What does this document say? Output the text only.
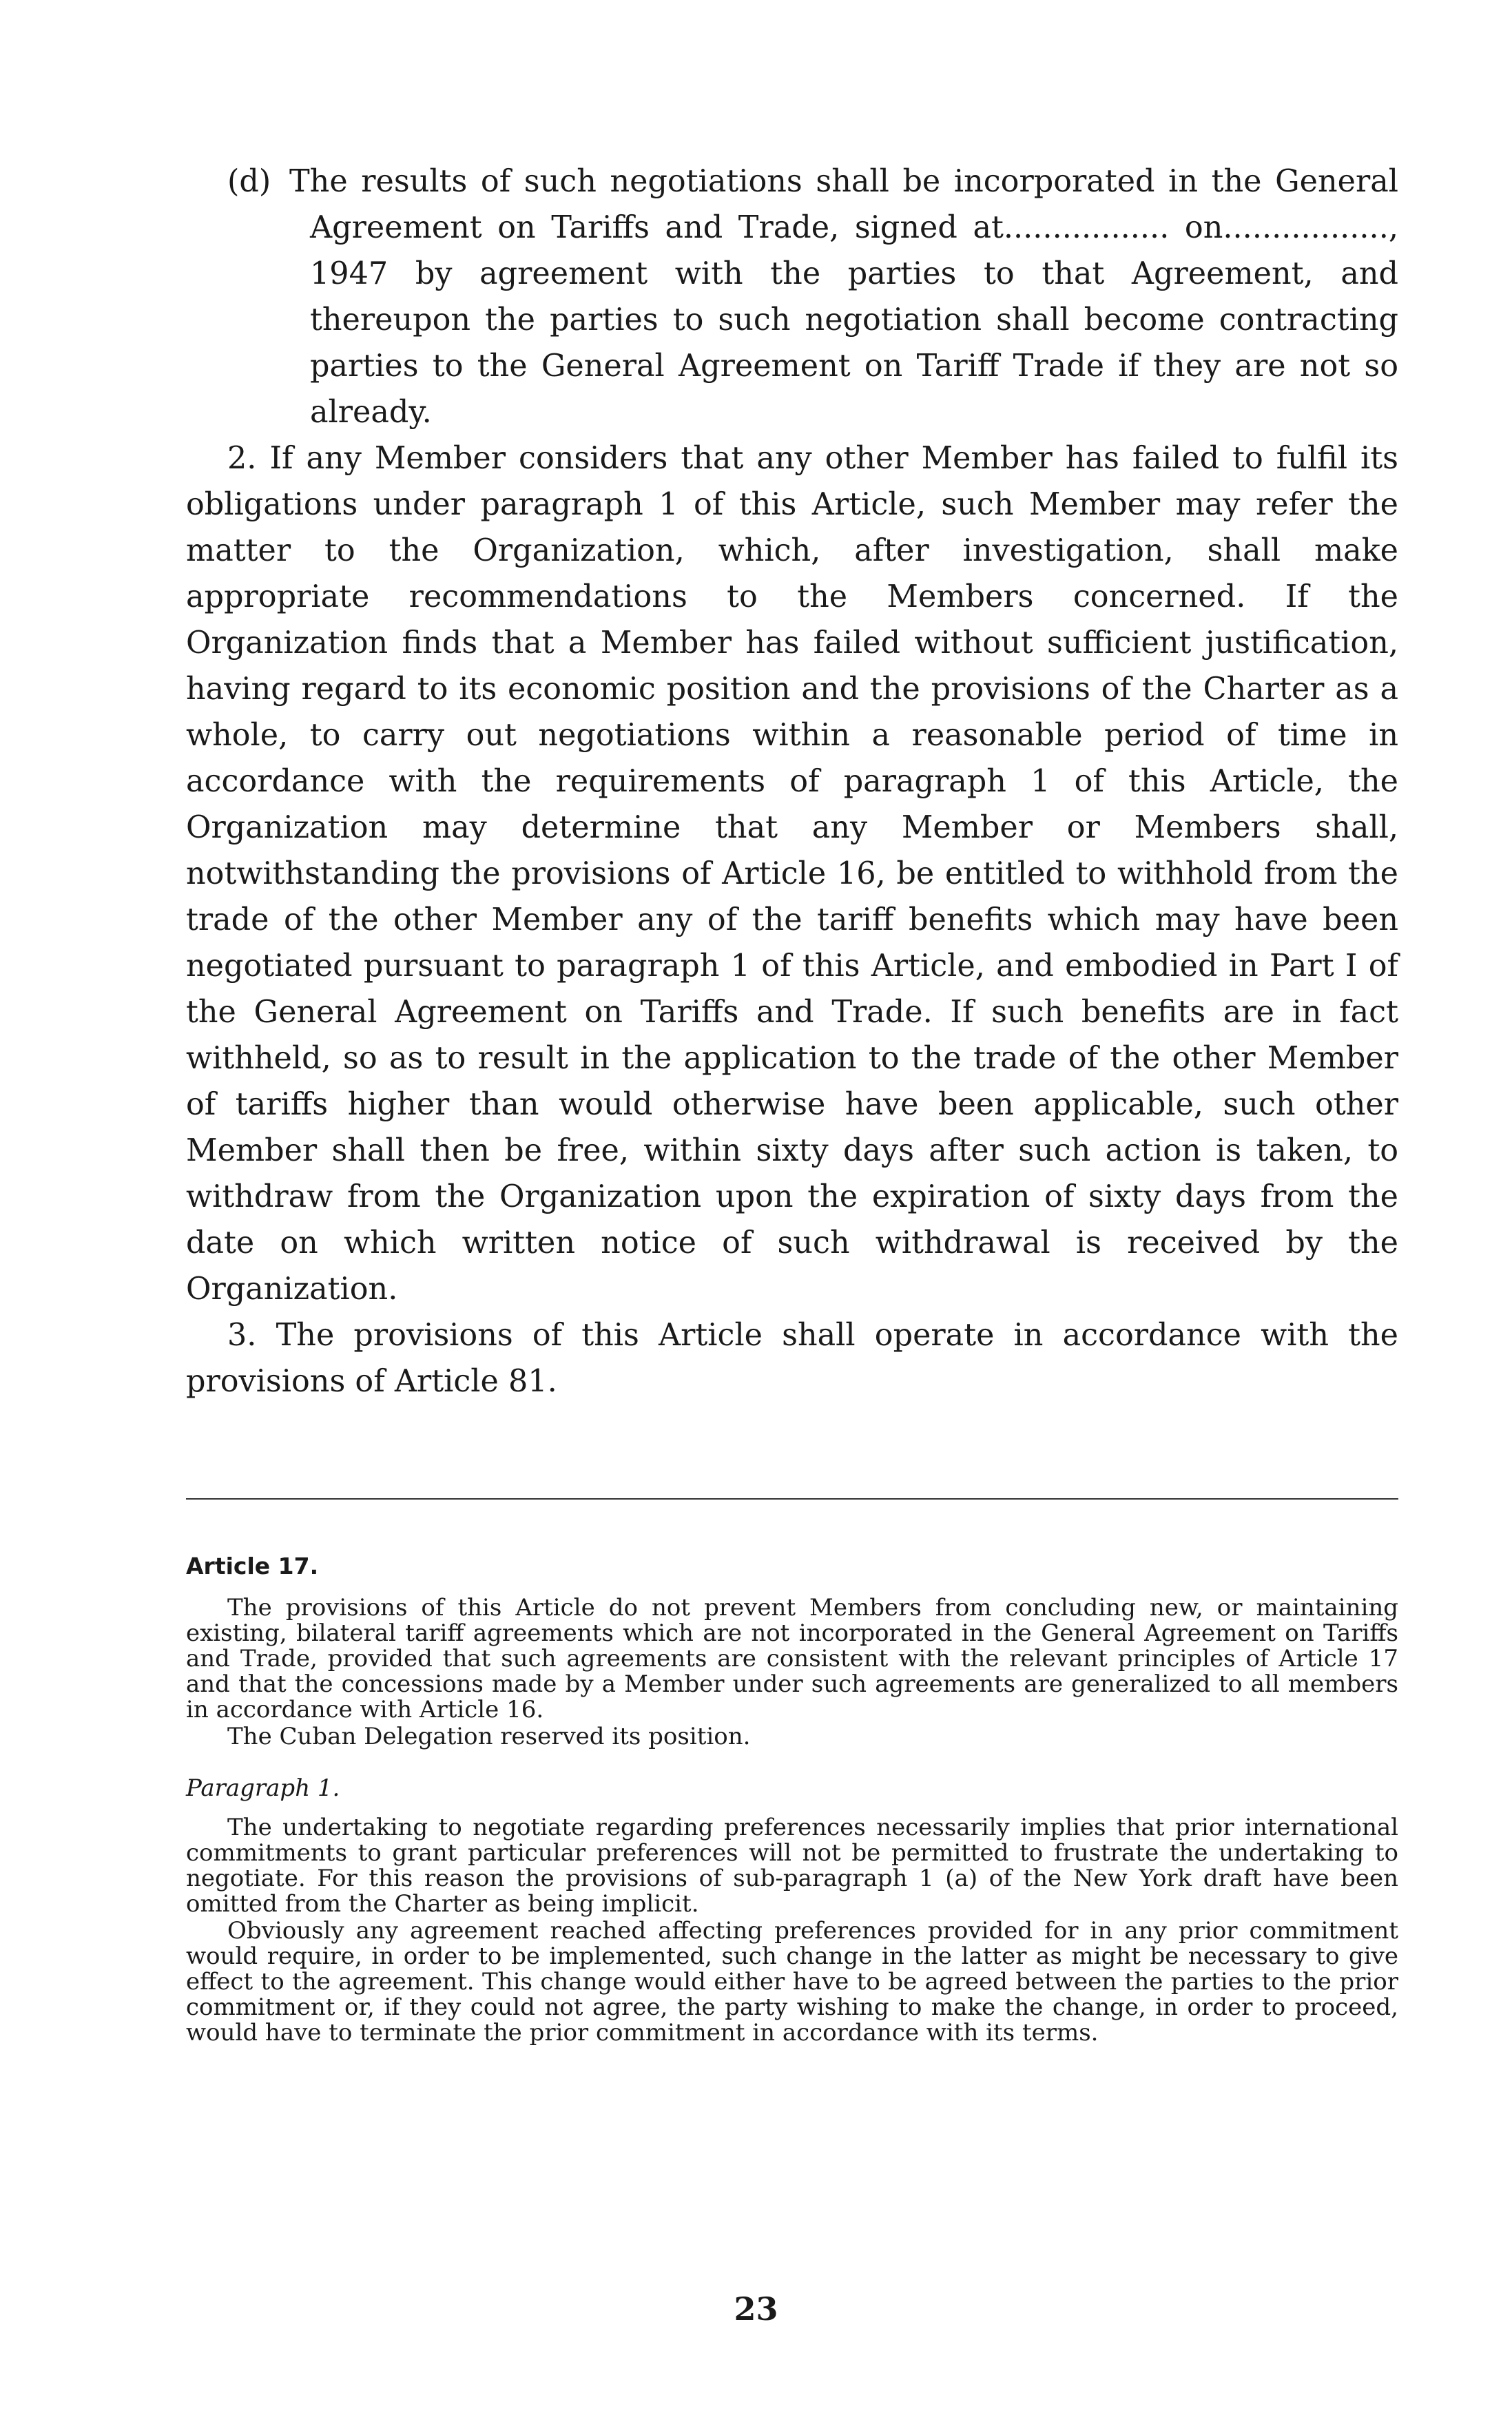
(d) The results of such negotiations shall be incorporated in the General Agreement on Tariffs and Trade, signed at................. on................., 1947 by agreement with the parties to that Agreement, and thereupon the parties to such negotiation shall become contracting parties to the General Agreement on Tariff Trade if they are not so already.

2. If any Member considers that any other Member has failed to fulfil its obligations under paragraph 1 of this Article, such Member may refer the matter to the Organization, which, after investigation, shall make appropriate recommendations to the Members concerned. If the Organization finds that a Member has failed without sufficient justification, having regard to its economic position and the provisions of the Charter as a whole, to carry out negotiations within a reasonable period of time in accordance with the requirements of paragraph 1 of this Article, the Organization may determine that any Member or Members shall, notwithstanding the provisions of Article 16, be entitled to withhold from the trade of the other Member any of the tariff benefits which may have been negotiated pursuant to paragraph 1 of this Article, and embodied in Part I of the General Agreement on Tariffs and Trade. If such benefits are in fact withheld, so as to result in the application to the trade of the other Member of tariffs higher than would otherwise have been applicable, such other Member shall then be free, within sixty days after such action is taken, to withdraw from the Organization upon the expiration of sixty days from the date on which written notice of such withdrawal is received by the Organization.

3. The provisions of this Article shall operate in accordance with the provisions of Article 81.

Article 17.

The provisions of this Article do not prevent Members from concluding new, or maintaining existing, bilateral tariff agreements which are not incorporated in the General Agreement on Tariffs and Trade, provided that such agreements are consistent with the relevant principles of Article 17 and that the concessions made by a Member under such agreements are generalized to all members in accordance with Article 16.

The Cuban Delegation reserved its position.

Paragraph 1.

The undertaking to negotiate regarding preferences necessarily implies that prior international commitments to grant particular preferences will not be permitted to frustrate the undertaking to negotiate. For this reason the provisions of sub-paragraph 1 (a) of the New York draft have been omitted from the Charter as being implicit.

Obviously any agreement reached affecting preferences provided for in any prior commitment would require, in order to be implemented, such change in the latter as might be necessary to give effect to the agreement. This change would either have to be agreed between the parties to the prior commitment or, if they could not agree, the party wishing to make the change, in order to proceed, would have to terminate the prior commitment in accordance with its terms.

23
